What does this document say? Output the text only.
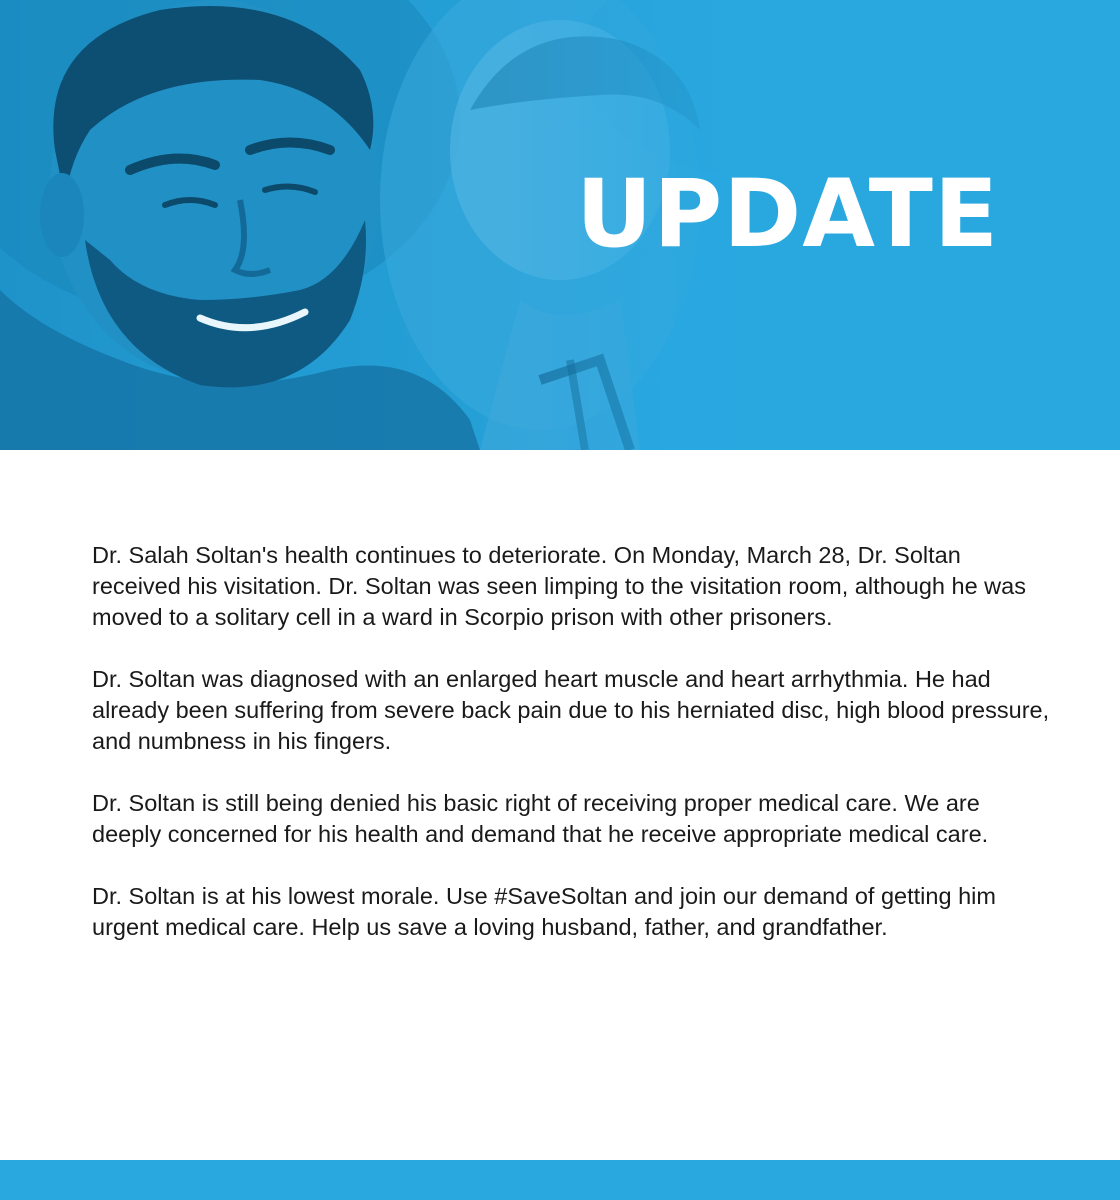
UPDATE

Dr. Salah Soltan's health continues to deteriorate. On Monday, March 28, Dr. Soltan received his visitation. Dr. Soltan was seen limping to the visitation room, although he was moved to a solitary cell in a ward in Scorpio prison with other prisoners.

Dr. Soltan was diagnosed with an enlarged heart muscle and heart arrhythmia. He had already been suffering from severe back pain due to his herniated disc, high blood pressure, and numbness in his fingers.

Dr. Soltan is still being denied his basic right of receiving proper medical care. We are deeply concerned for his health and demand that he receive appropriate medical care.

Dr. Soltan is at his lowest morale. Use #SaveSoltan and join our demand of getting him urgent medical care. Help us save a loving husband, father, and grandfather.
